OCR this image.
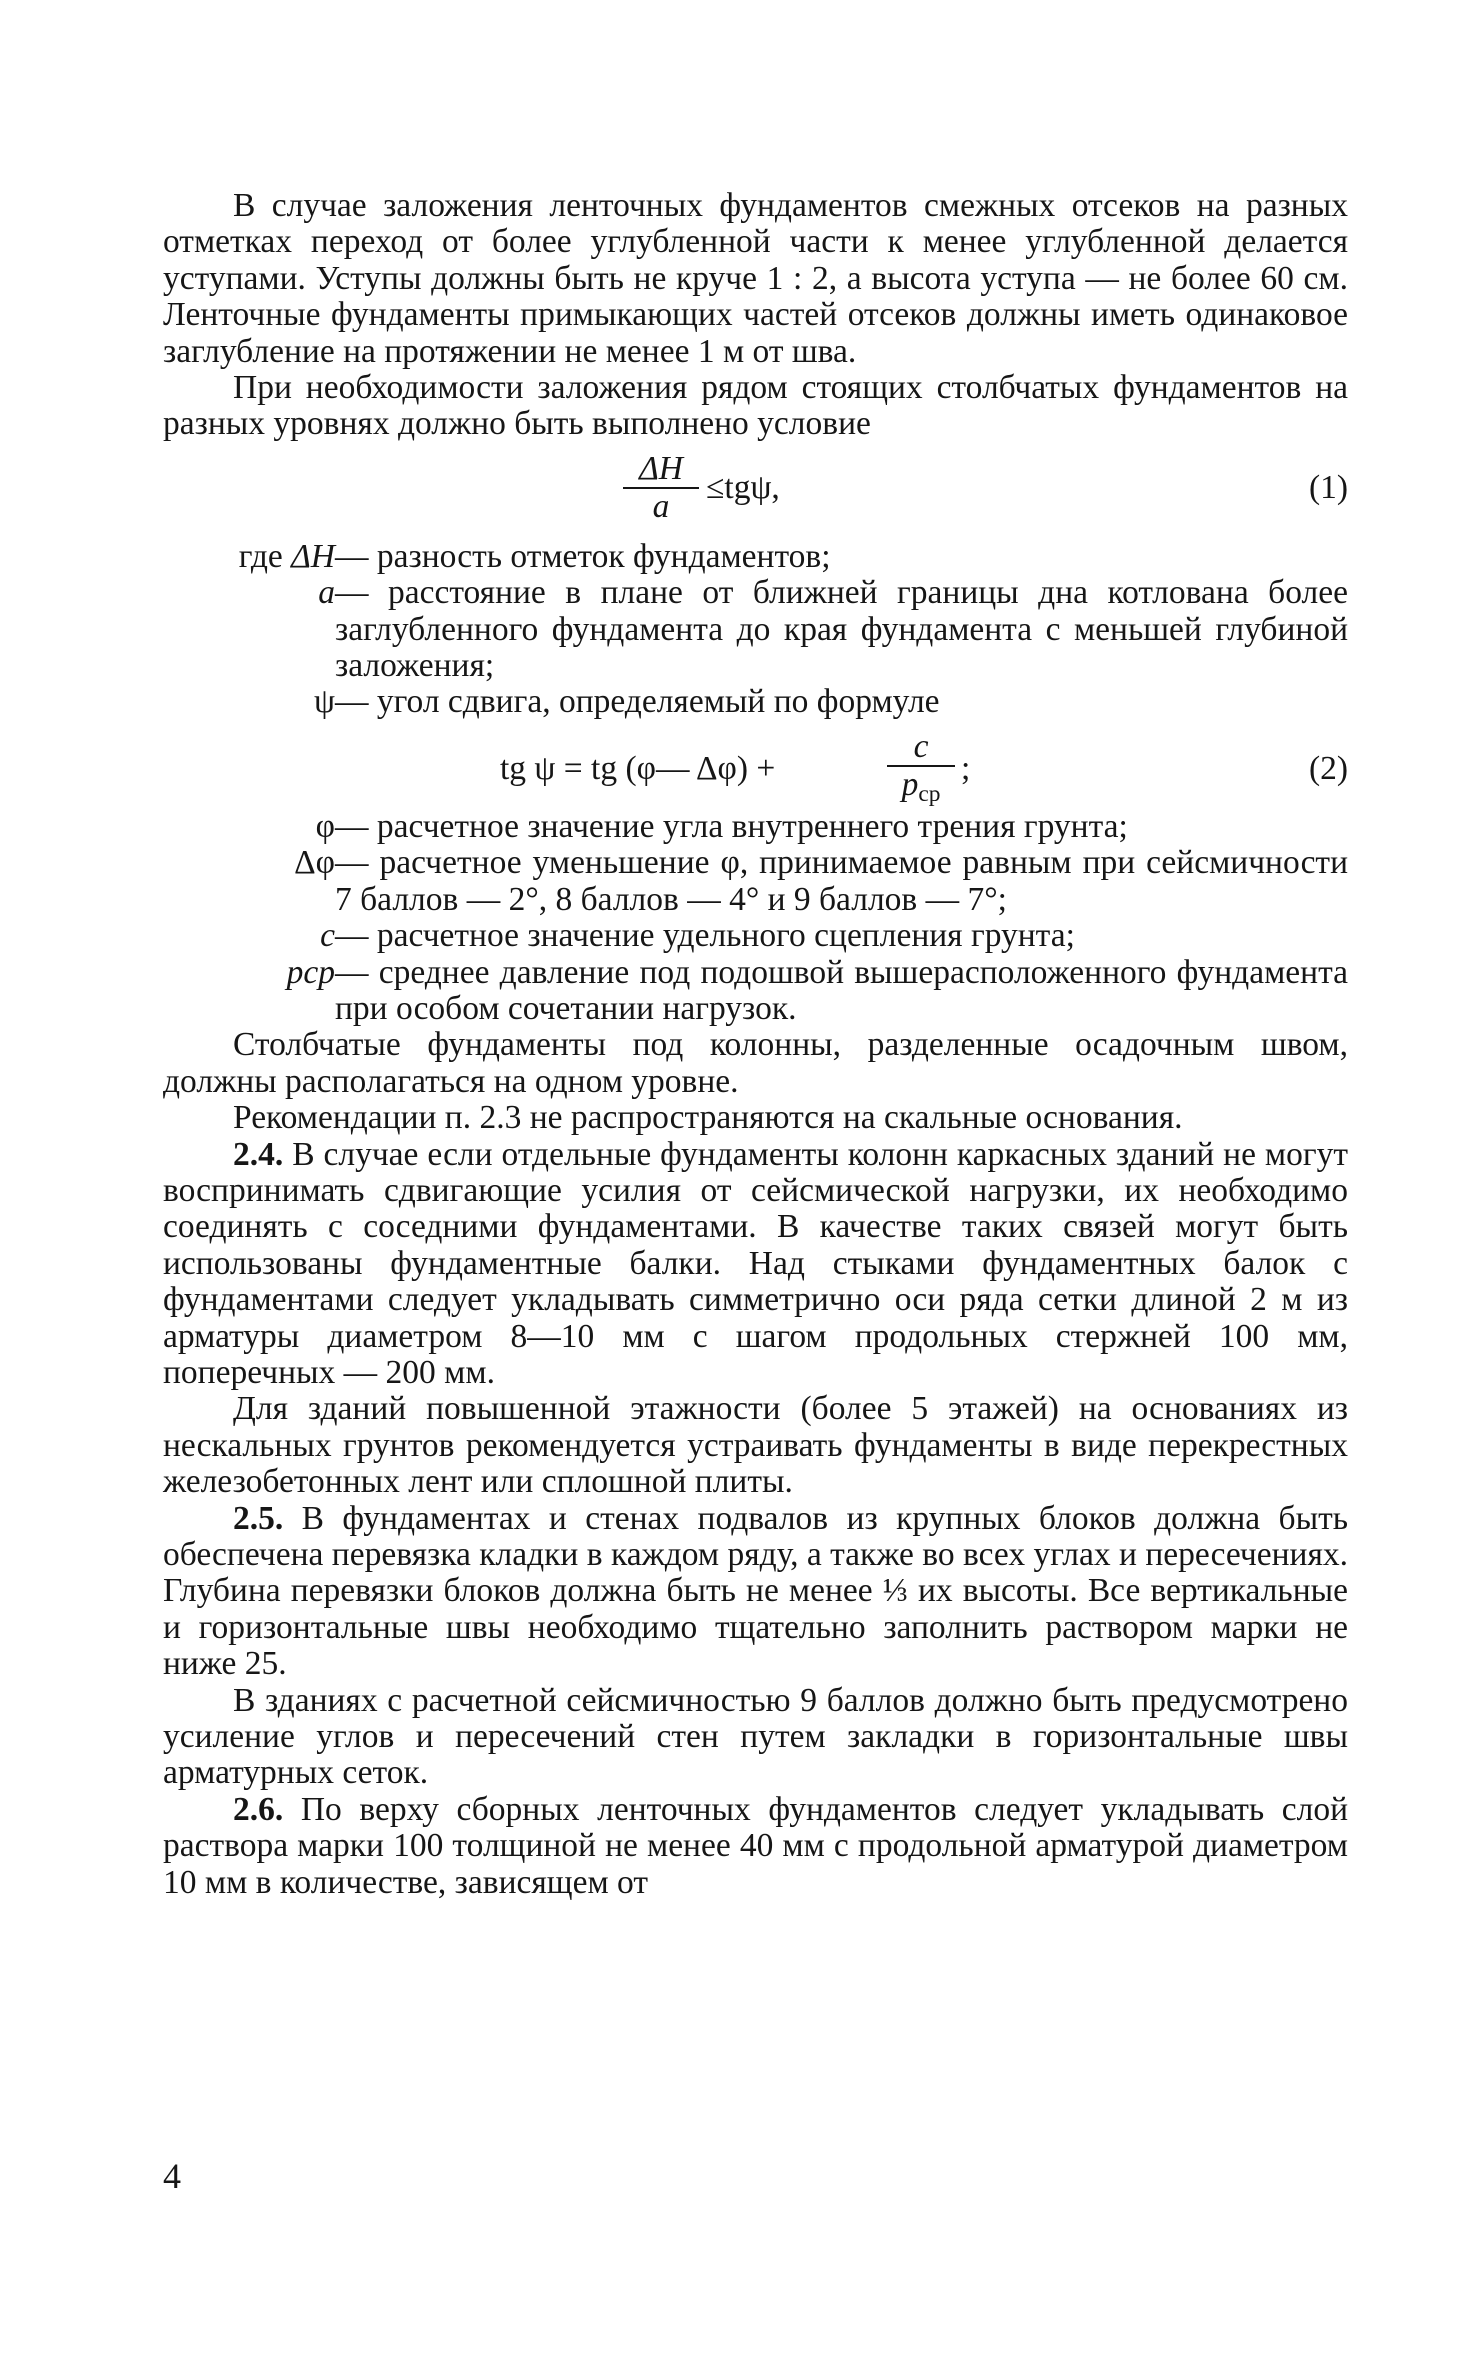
В случае заложения ленточных фундаментов смежных отсеков на разных отметках переход от более углубленной части к менее углубленной делается уступами. Уступы должны быть не круче 1 : 2, а высота уступа — не более 60 см. Ленточные фундаменты примыкающих частей отсеков должны иметь одинаковое заглубление на протяжении не менее 1 м от шва.

При необходимости заложения рядом стоящих столбчатых фундаментов на разных уровнях должно быть выполнено условие

$\frac{\Delta H}{a} \le tg\psi$,	(1)
где ΔH — разность отметок фундаментов;
a — расстояние в плане от ближней границы дна котлована более заглубленного фундамента до края фундамента с меньшей глубиной заложения;
ψ — угол сдвига, определяемый по формуле
tg ψ = tg (φ— Δφ) +
c
$p_{ср}$
;	(2)
φ — расчетное значение угла внутреннего трения грунта;
Δφ — расчетное уменьшение φ, принимаемое равным при сейсмичности 7 баллов — 2°, 8 баллов — 4° и 9 баллов — 7°;
c — расчетное значение удельного сцепления грунта;
pср — среднее давление под подошвой вышерасположенного фундамента при особом сочетании нагрузок.

Столбчатые фундаменты под колонны, разделенные осадочным швом, должны располагаться на одном уровне.

Рекомендации п. 2.3 не распространяются на скальные основания.

2.4. В случае если отдельные фундаменты колонн каркасных зданий не могут воспринимать сдвигающие усилия от сейсмической нагрузки, их необходимо соединять с соседними фундаментами. В качестве таких связей могут быть использованы фундаментные балки. Над стыками фундаментных балок с фундаментами следует укладывать симметрично оси ряда сетки длиной 2 м из арматуры диаметром 8—10 мм с шагом продольных стержней 100 мм, поперечных — 200 мм.

Для зданий повышенной этажности (более 5 этажей) на основаниях из нескальных грунтов рекомендуется устраивать фундаменты в виде перекрестных железобетонных лент или сплошной плиты.

2.5. В фундаментах и стенах подвалов из крупных блоков должна быть обеспечена перевязка кладки в каждом ряду, а также во всех углах и пересечениях. Глубина перевязки блоков должна быть не менее ⅓ их высоты. Все вертикальные и горизонтальные швы необходимо тщательно заполнить раствором марки не ниже 25.

В зданиях с расчетной сейсмичностью 9 баллов должно быть предусмотрено усиление углов и пересечений стен путем закладки в горизонтальные швы арматурных сеток.

2.6. По верху сборных ленточных фундаментов следует укладывать слой раствора марки 100 толщиной не менее 40 мм с продольной арматурой диаметром 10 мм в количестве, зависящем от

4
